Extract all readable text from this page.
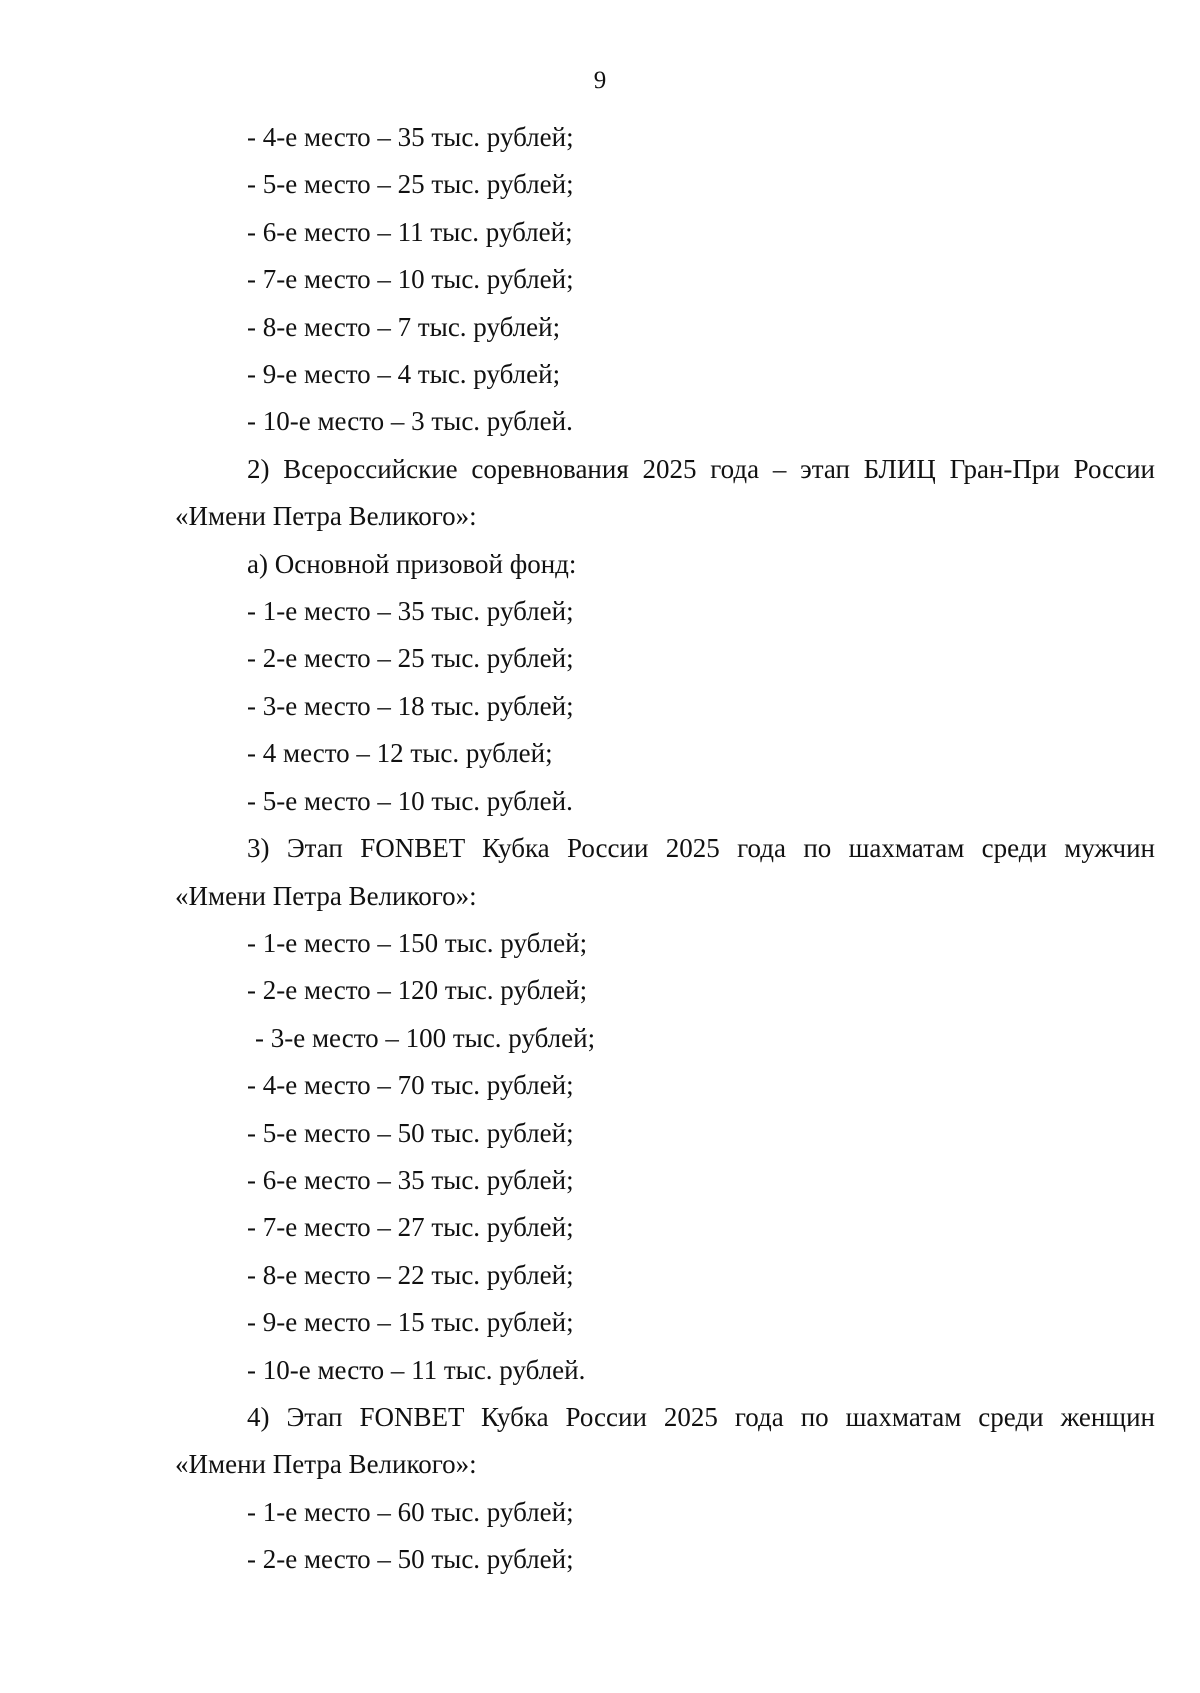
9
- 4-е место – 35 тыс. рублей;
- 5-е место – 25 тыс. рублей;
- 6-е место – 11 тыс. рублей;
- 7-е место – 10 тыс. рублей;
- 8-е место – 7 тыс. рублей;
- 9-е место – 4 тыс. рублей;
- 10-е место – 3 тыс. рублей.
2) Всероссийские соревнования 2025 года – этап БЛИЦ Гран-При России
«Имени Петра Великого»:
а) Основной призовой фонд:
- 1-е место – 35 тыс. рублей;
- 2-е место – 25 тыс. рублей;
- 3-е место – 18 тыс. рублей;
- 4 место – 12 тыс. рублей;
- 5-е место – 10 тыс. рублей.
3) Этап FONBET Кубка России 2025 года по шахматам среди мужчин
«Имени Петра Великого»:
- 1-е место – 150 тыс. рублей;
- 2-е место – 120 тыс. рублей;
- 3-е место – 100 тыс. рублей;
- 4-е место – 70 тыс. рублей;
- 5-е место – 50 тыс. рублей;
- 6-е место – 35 тыс. рублей;
- 7-е место – 27 тыс. рублей;
- 8-е место – 22 тыс. рублей;
- 9-е место – 15 тыс. рублей;
- 10-е место – 11 тыс. рублей.
4) Этап FONBET Кубка России 2025 года по шахматам среди женщин
«Имени Петра Великого»:
- 1-е место – 60 тыс. рублей;
- 2-е место – 50 тыс. рублей;
